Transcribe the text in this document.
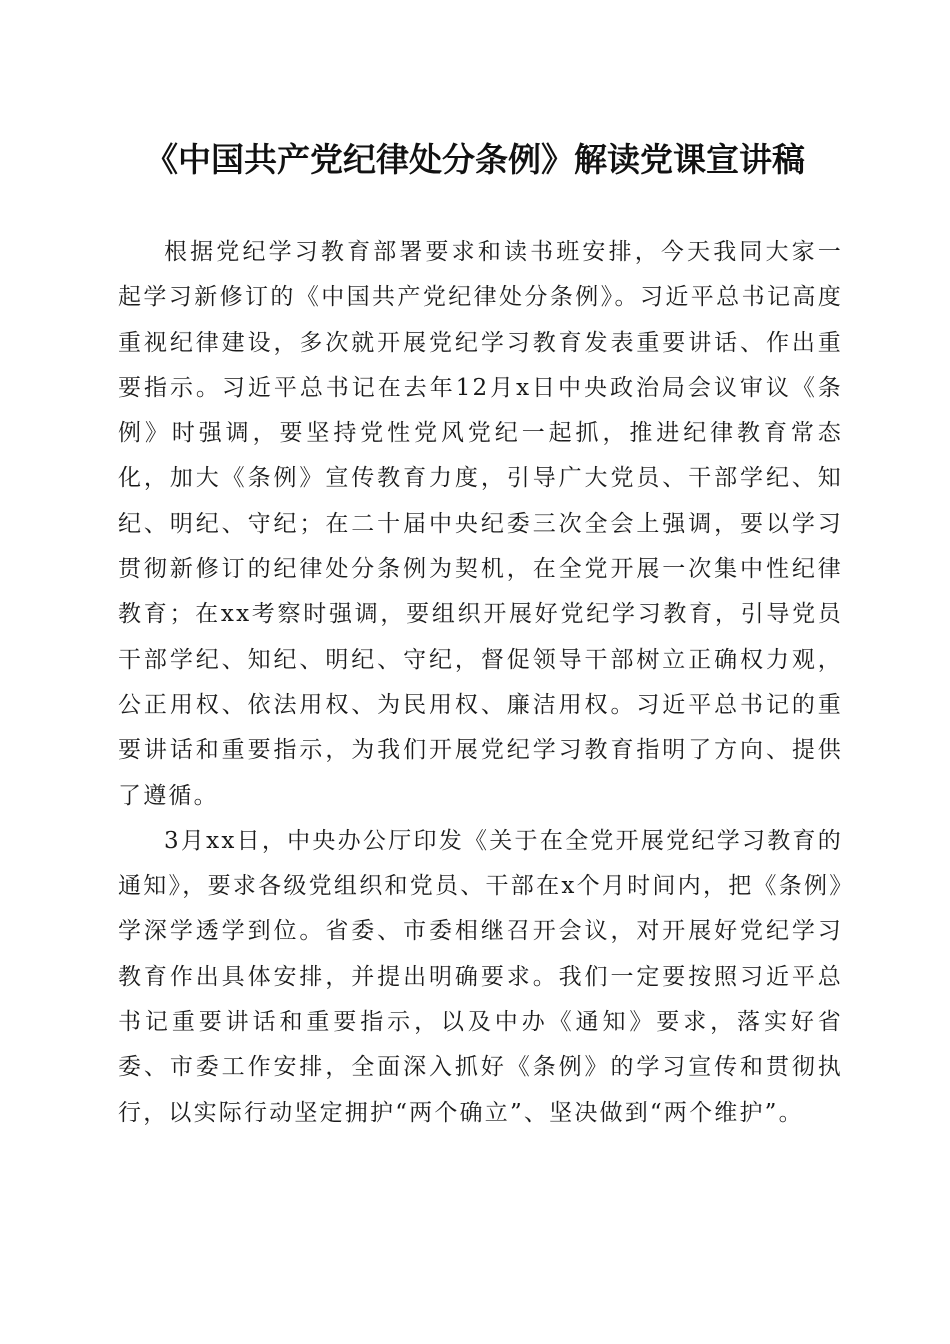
《中国共产党纪律处分条例》解读党课宣讲稿

根据党纪学习教育部署要求和读书班安排，今天我同大家一起学习新修订的《中国共产党纪律处分条例》。习近平总书记高度重视纪律建设，多次就开展党纪学习教育发表重要讲话、作出重要指示。习近平总书记在去年12月x日中央政治局会议审议《条例》时强调，要坚持党性党风党纪一起抓，推进纪律教育常态化，加大《条例》宣传教育力度，引导广大党员、干部学纪、知纪、明纪、守纪；在二十届中央纪委三次全会上强调，要以学习贯彻新修订的纪律处分条例为契机，在全党开展一次集中性纪律教育；在xx考察时强调，要组织开展好党纪学习教育，引导党员干部学纪、知纪、明纪、守纪，督促领导干部树立正确权力观，公正用权、依法用权、为民用权、廉洁用权。习近平总书记的重要讲话和重要指示，为我们开展党纪学习教育指明了方向、提供了遵循。

3月xx日，中央办公厅印发《关于在全党开展党纪学习教育的通知》，要求各级党组织和党员、干部在x个月时间内，把《条例》学深学透学到位。省委、市委相继召开会议，对开展好党纪学习教育作出具体安排，并提出明确要求。我们一定要按照习近平总书记重要讲话和重要指示，以及中办《通知》要求，落实好省委、市委工作安排，全面深入抓好《条例》的学习宣传和贯彻执行，以实际行动坚定拥护“两个确立”、坚决做到“两个维护”。
